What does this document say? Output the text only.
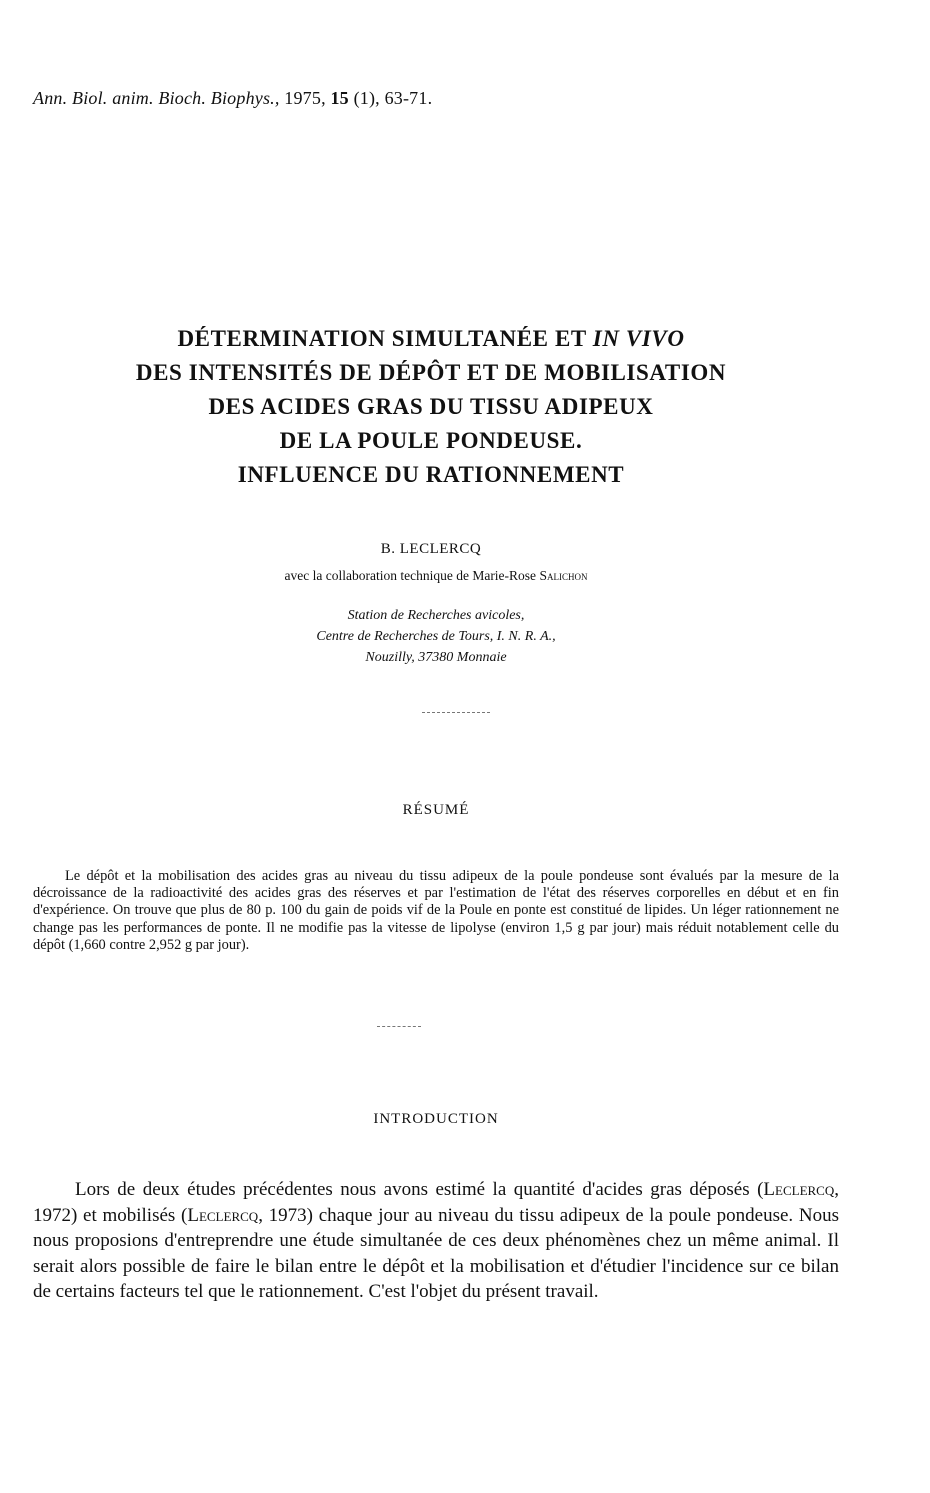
Ann. Biol. anim. Bioch. Biophys., 1975, 15 (1), 63-71.
DÉTERMINATION SIMULTANÉE ET IN VIVO
DES INTENSITÉS DE DÉPÔT ET DE MOBILISATION
DES ACIDES GRAS DU TISSU ADIPEUX
DE LA POULE PONDEUSE.
INFLUENCE DU RATIONNEMENT
B. LECLERCQ
avec la collaboration technique de Marie-Rose Salichon
Station de Recherches avicoles,
Centre de Recherches de Tours, I. N. R. A.,
Nouzilly, 37380 Monnaie
RÉSUMÉ
Le dépôt et la mobilisation des acides gras au niveau du tissu adipeux de la poule pondeuse sont évalués par la mesure de la décroissance de la radioactivité des acides gras des réserves et par l'estimation de l'état des réserves corporelles en début et en fin d'expérience. On trouve que plus de 80 p. 100 du gain de poids vif de la Poule en ponte est constitué de lipides. Un léger rationnement ne change pas les performances de ponte. Il ne modifie pas la vitesse de lipolyse (environ 1,5 g par jour) mais réduit notablement celle du dépôt (1,660 contre 2,952 g par jour).
INTRODUCTION
Lors de deux études précédentes nous avons estimé la quantité d'acides gras déposés (Leclercq, 1972) et mobilisés (Leclercq, 1973) chaque jour au niveau du tissu adipeux de la poule pondeuse. Nous nous proposions d'entreprendre une étude simultanée de ces deux phénomènes chez un même animal. Il serait alors possible de faire le bilan entre le dépôt et la mobilisation et d'étudier l'incidence sur ce bilan de certains facteurs tel que le rationnement. C'est l'objet du présent travail.
